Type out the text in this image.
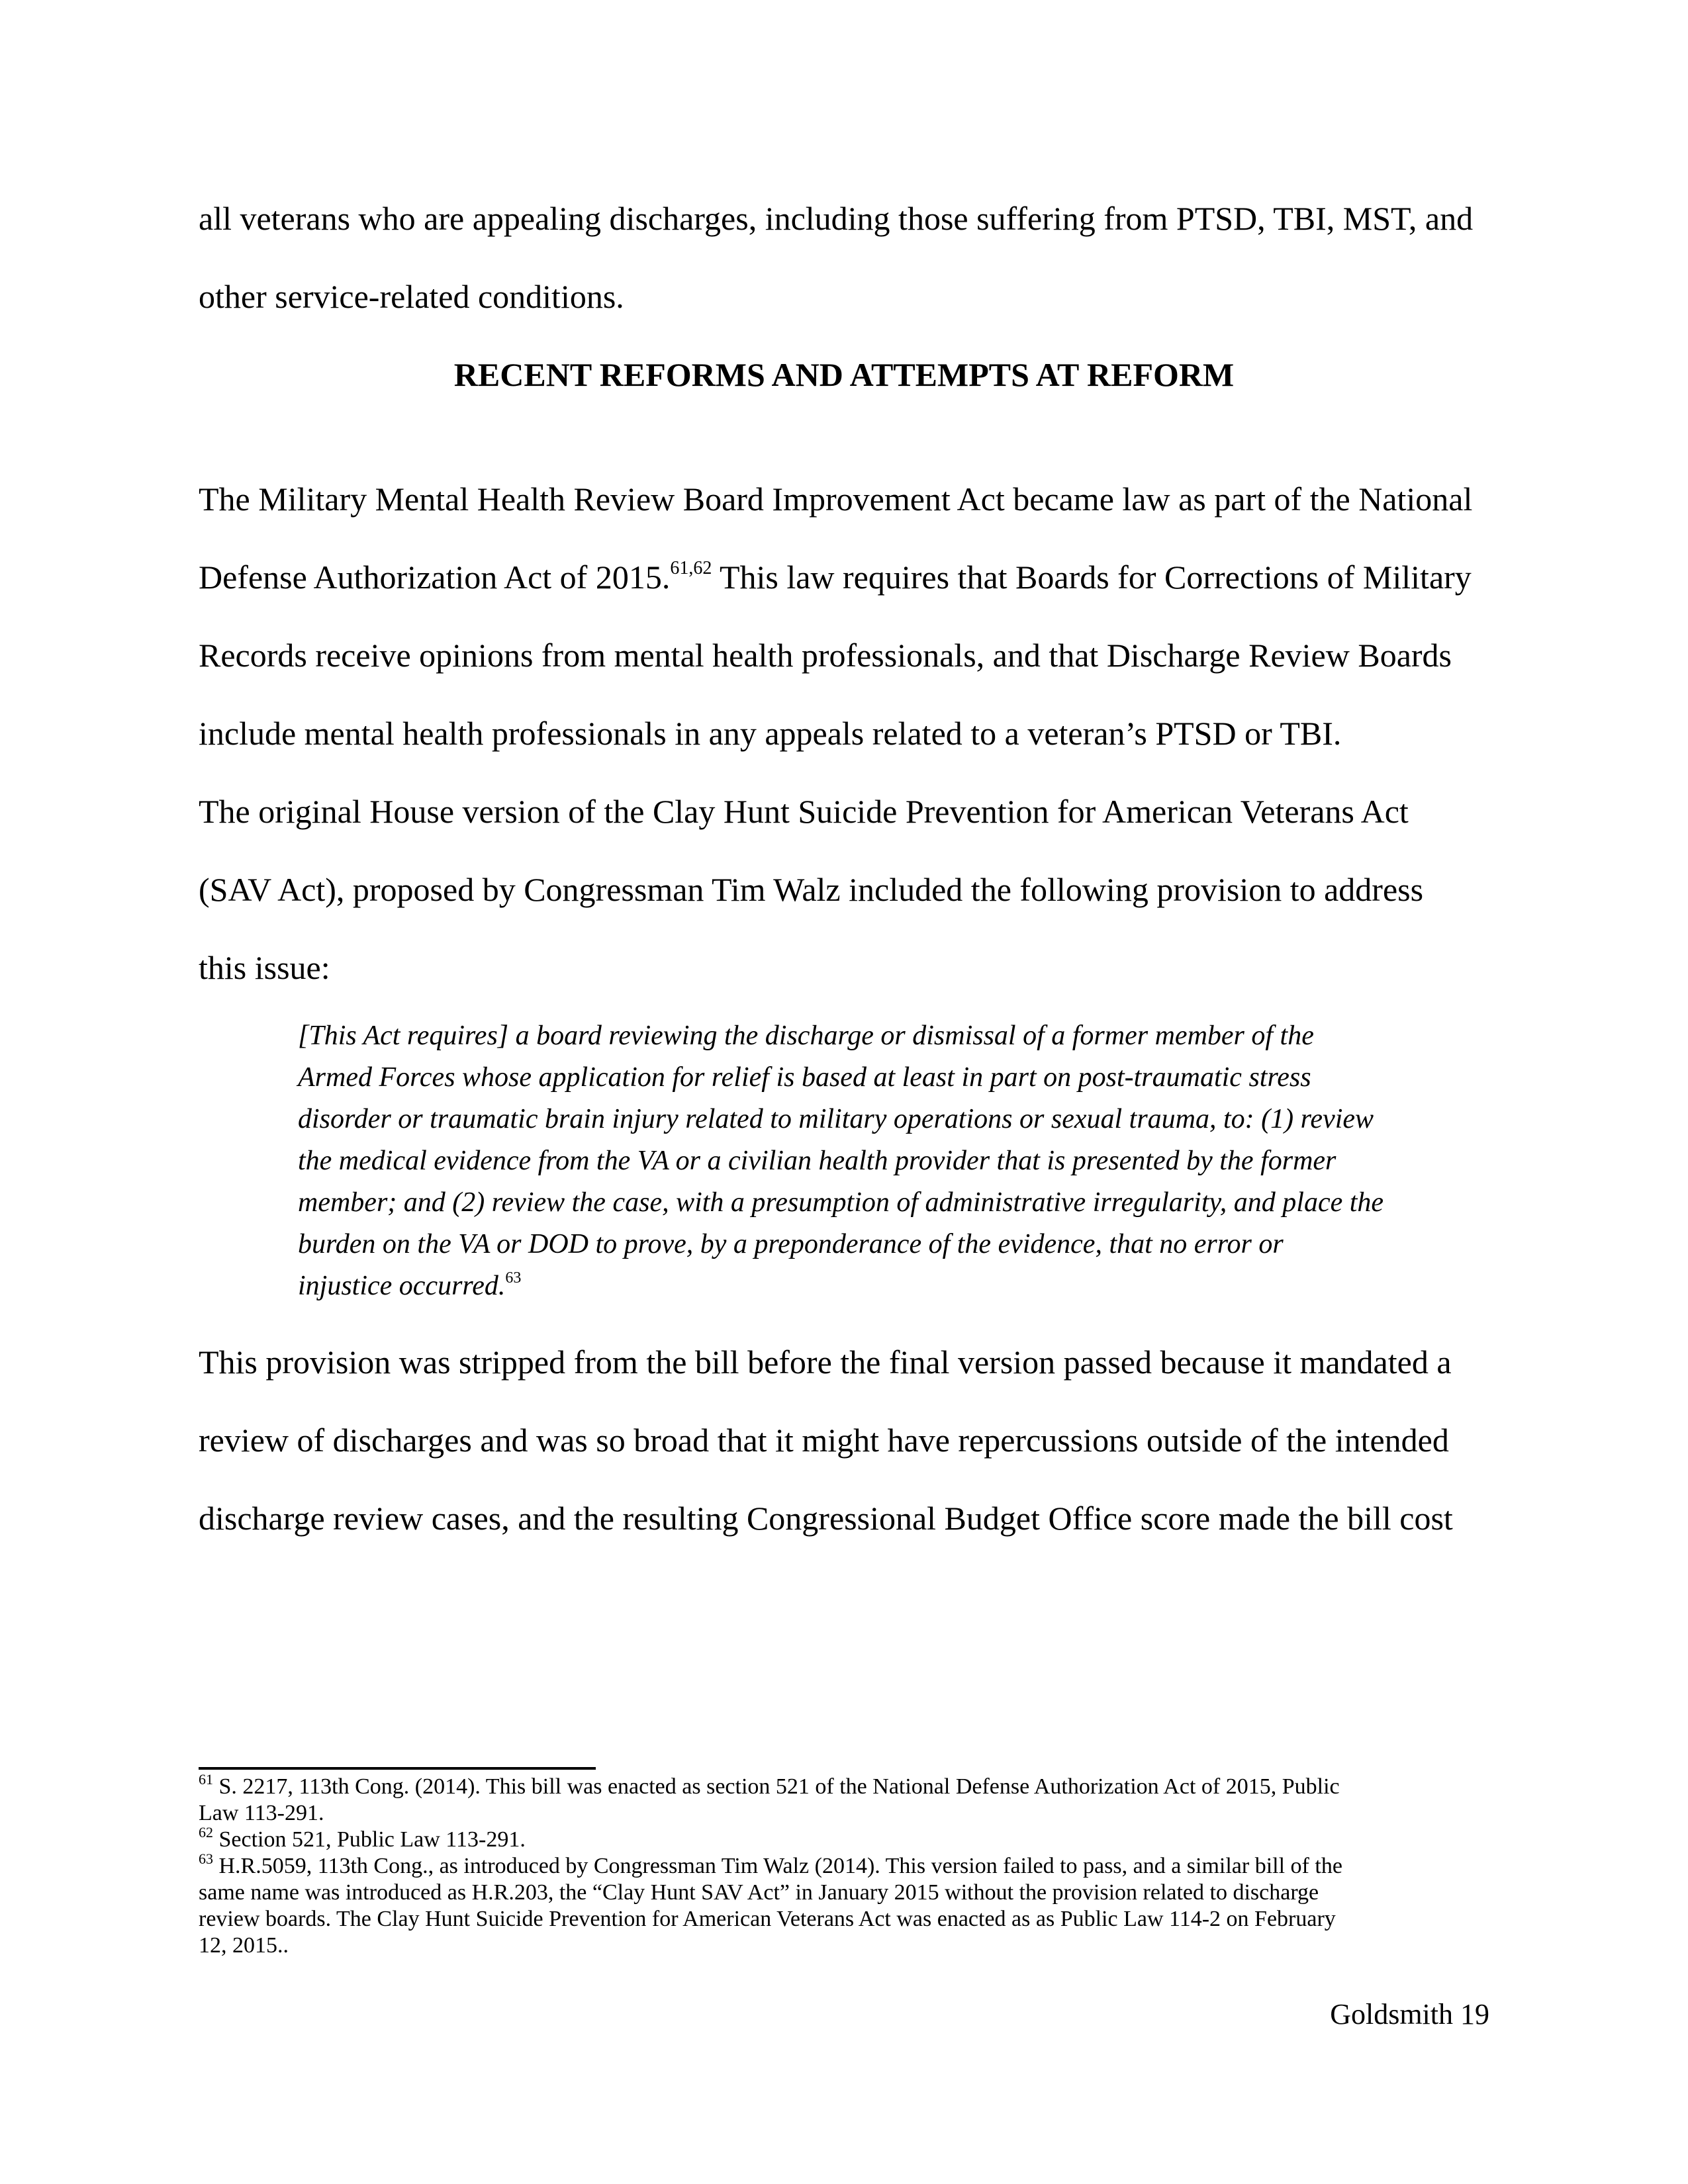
all veterans who are appealing discharges, including those suffering from PTSD, TBI, MST, and
other service-related conditions.
RECENT REFORMS AND ATTEMPTS AT REFORM
The Military Mental Health Review Board Improvement Act became law as part of the National
Defense Authorization Act of 2015.$^{61,62}$ This law requires that Boards for Corrections of Military
Records receive opinions from mental health professionals, and that Discharge Review Boards
include mental health professionals in any appeals related to a veteran’s PTSD or TBI.
The original House version of the Clay Hunt Suicide Prevention for American Veterans Act
(SAV Act), proposed by Congressman Tim Walz included the following provision to address
this issue:
[This Act requires] a board reviewing the discharge or dismissal of a former member of the
Armed Forces whose application for relief is based at least in part on post-traumatic stress
disorder or traumatic brain injury related to military operations or sexual trauma, to: (1) review
the medical evidence from the VA or a civilian health provider that is presented by the former
member; and (2) review the case, with a presumption of administrative irregularity, and place the
burden on the VA or DOD to prove, by a preponderance of the evidence, that no error or
injustice occurred.$^{63}$
This provision was stripped from the bill before the final version passed because it mandated a
review of discharges and was so broad that it might have repercussions outside of the intended
discharge review cases, and the resulting Congressional Budget Office score made the bill cost
$^{61}$ S. 2217, 113th Cong. (2014). This bill was enacted as section 521 of the National Defense Authorization Act of 2015, Public
Law 113-291.
$^{62}$ Section 521, Public Law 113-291.
$^{63}$ H.R.5059, 113th Cong., as introduced by Congressman Tim Walz (2014). This version failed to pass, and a similar bill of the
same name was introduced as H.R.203, the “Clay Hunt SAV Act” in January 2015 without the provision related to discharge
review boards. The Clay Hunt Suicide Prevention for American Veterans Act was enacted as as Public Law 114-2 on February
12, 2015..
Goldsmith 19
